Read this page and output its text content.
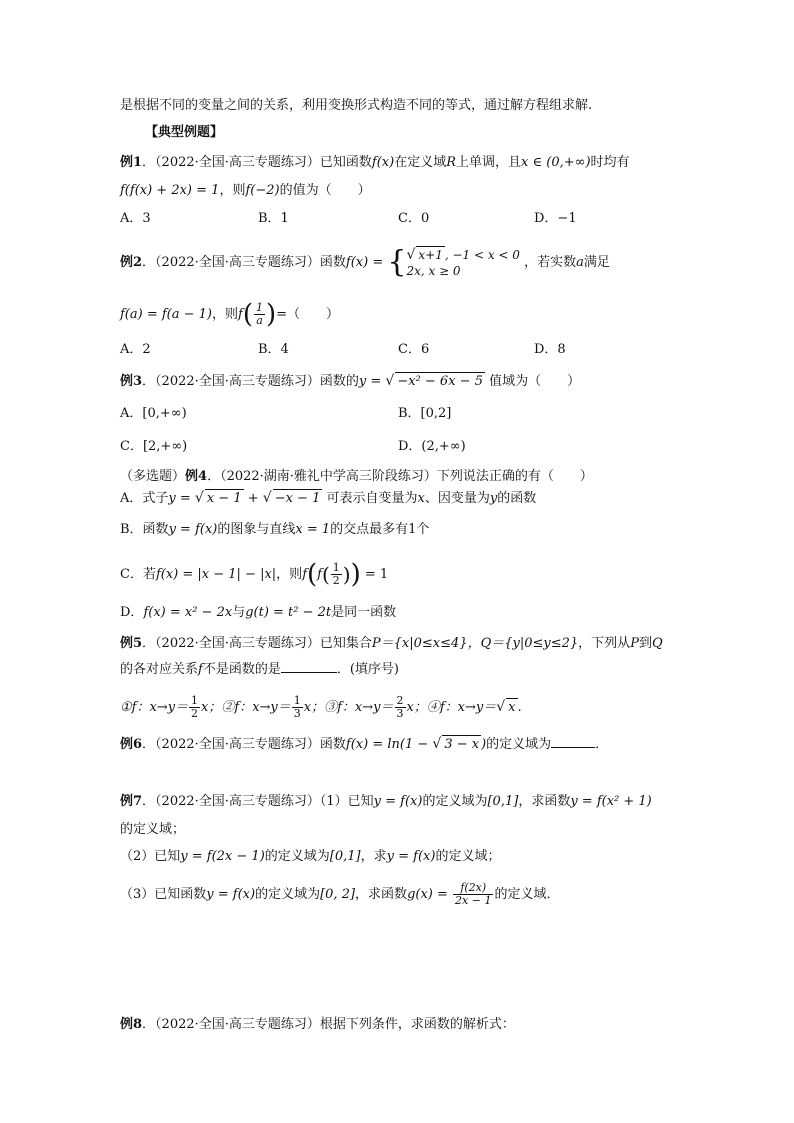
是根据不同的变量之间的关系，利用变换形式构造不同的等式，通过解方程组求解.
【典型例题】
例1．（2022·全国·高三专题练习）已知函数f(x)在定义域R上单调，且x ∈ (0,+∞)时均有
f(f(x) + 2x) = 1，则f(−2)的值为（　　）
A．3	B．1	C．0	D．−1
例2．（2022·全国·高三专题练习）函数f(x) = { √ x+1 , −1 < x < 0
2x, x ≥ 0
，若实数a满足
f(a) = f(a − 1)，则$f( \frac{1}{a}$ )=（　　）
A．2	B．4	C．6	D．8
例3．（2022·全国·高三专题练习）函数的y = √ −x² − 6x − 5 值域为（　　）
A．[0,+∞)	B．[0,2]
C．[2,+∞)	D．(2,+∞)
（多选题）例4．（2022·湖南·雅礼中学高三阶段练习）下列说法正确的有（　　）
A．式子y = √ x − 1 + √ −x − 1 可表示自变量为x、因变量为y的函数
B．函数y = f(x)的图象与直线x = 1的交点最多有1个
C．若f(x) = |x − 1| − |x|，则$f(f( \frac{1}{2}$ )) = 1
D．f(x) = x² − 2x与g(t) = t² − 2t是同一函数
例5．（2022·全国·高三专题练习）已知集合P＝{x|0≤x≤4}，Q＝{y|0≤y≤2}，下列从P到Q
的各对应关系f不是函数的是	．(填序号)
①f：$x\to y= \frac{1}{2}$ x；②f：$x\to y= \frac{1}{3}$ x；③f：$x\to y= \frac{2}{3}$ x；④f：x→y＝√ x .
例6．（2022·全国·高三专题练习）函数f(x) = ln(1 − √ 3 − x )的定义域为	．
例7．（2022·全国·高三专题练习）（1）已知y = f(x)的定义域为[0,1]，求函数y = f(x² + 1)
的定义域；
（2）已知y = f(2x − 1)的定义域为[0,1]，求y = f(x)的定义域；
（3）已知函数y = f(x)的定义域为[0, 2]，求函数$g(x) = \frac{f(2x)}{2x - 1}$ 的定义域．
例8．（2022·全国·高三专题练习）根据下列条件，求函数的解析式：
